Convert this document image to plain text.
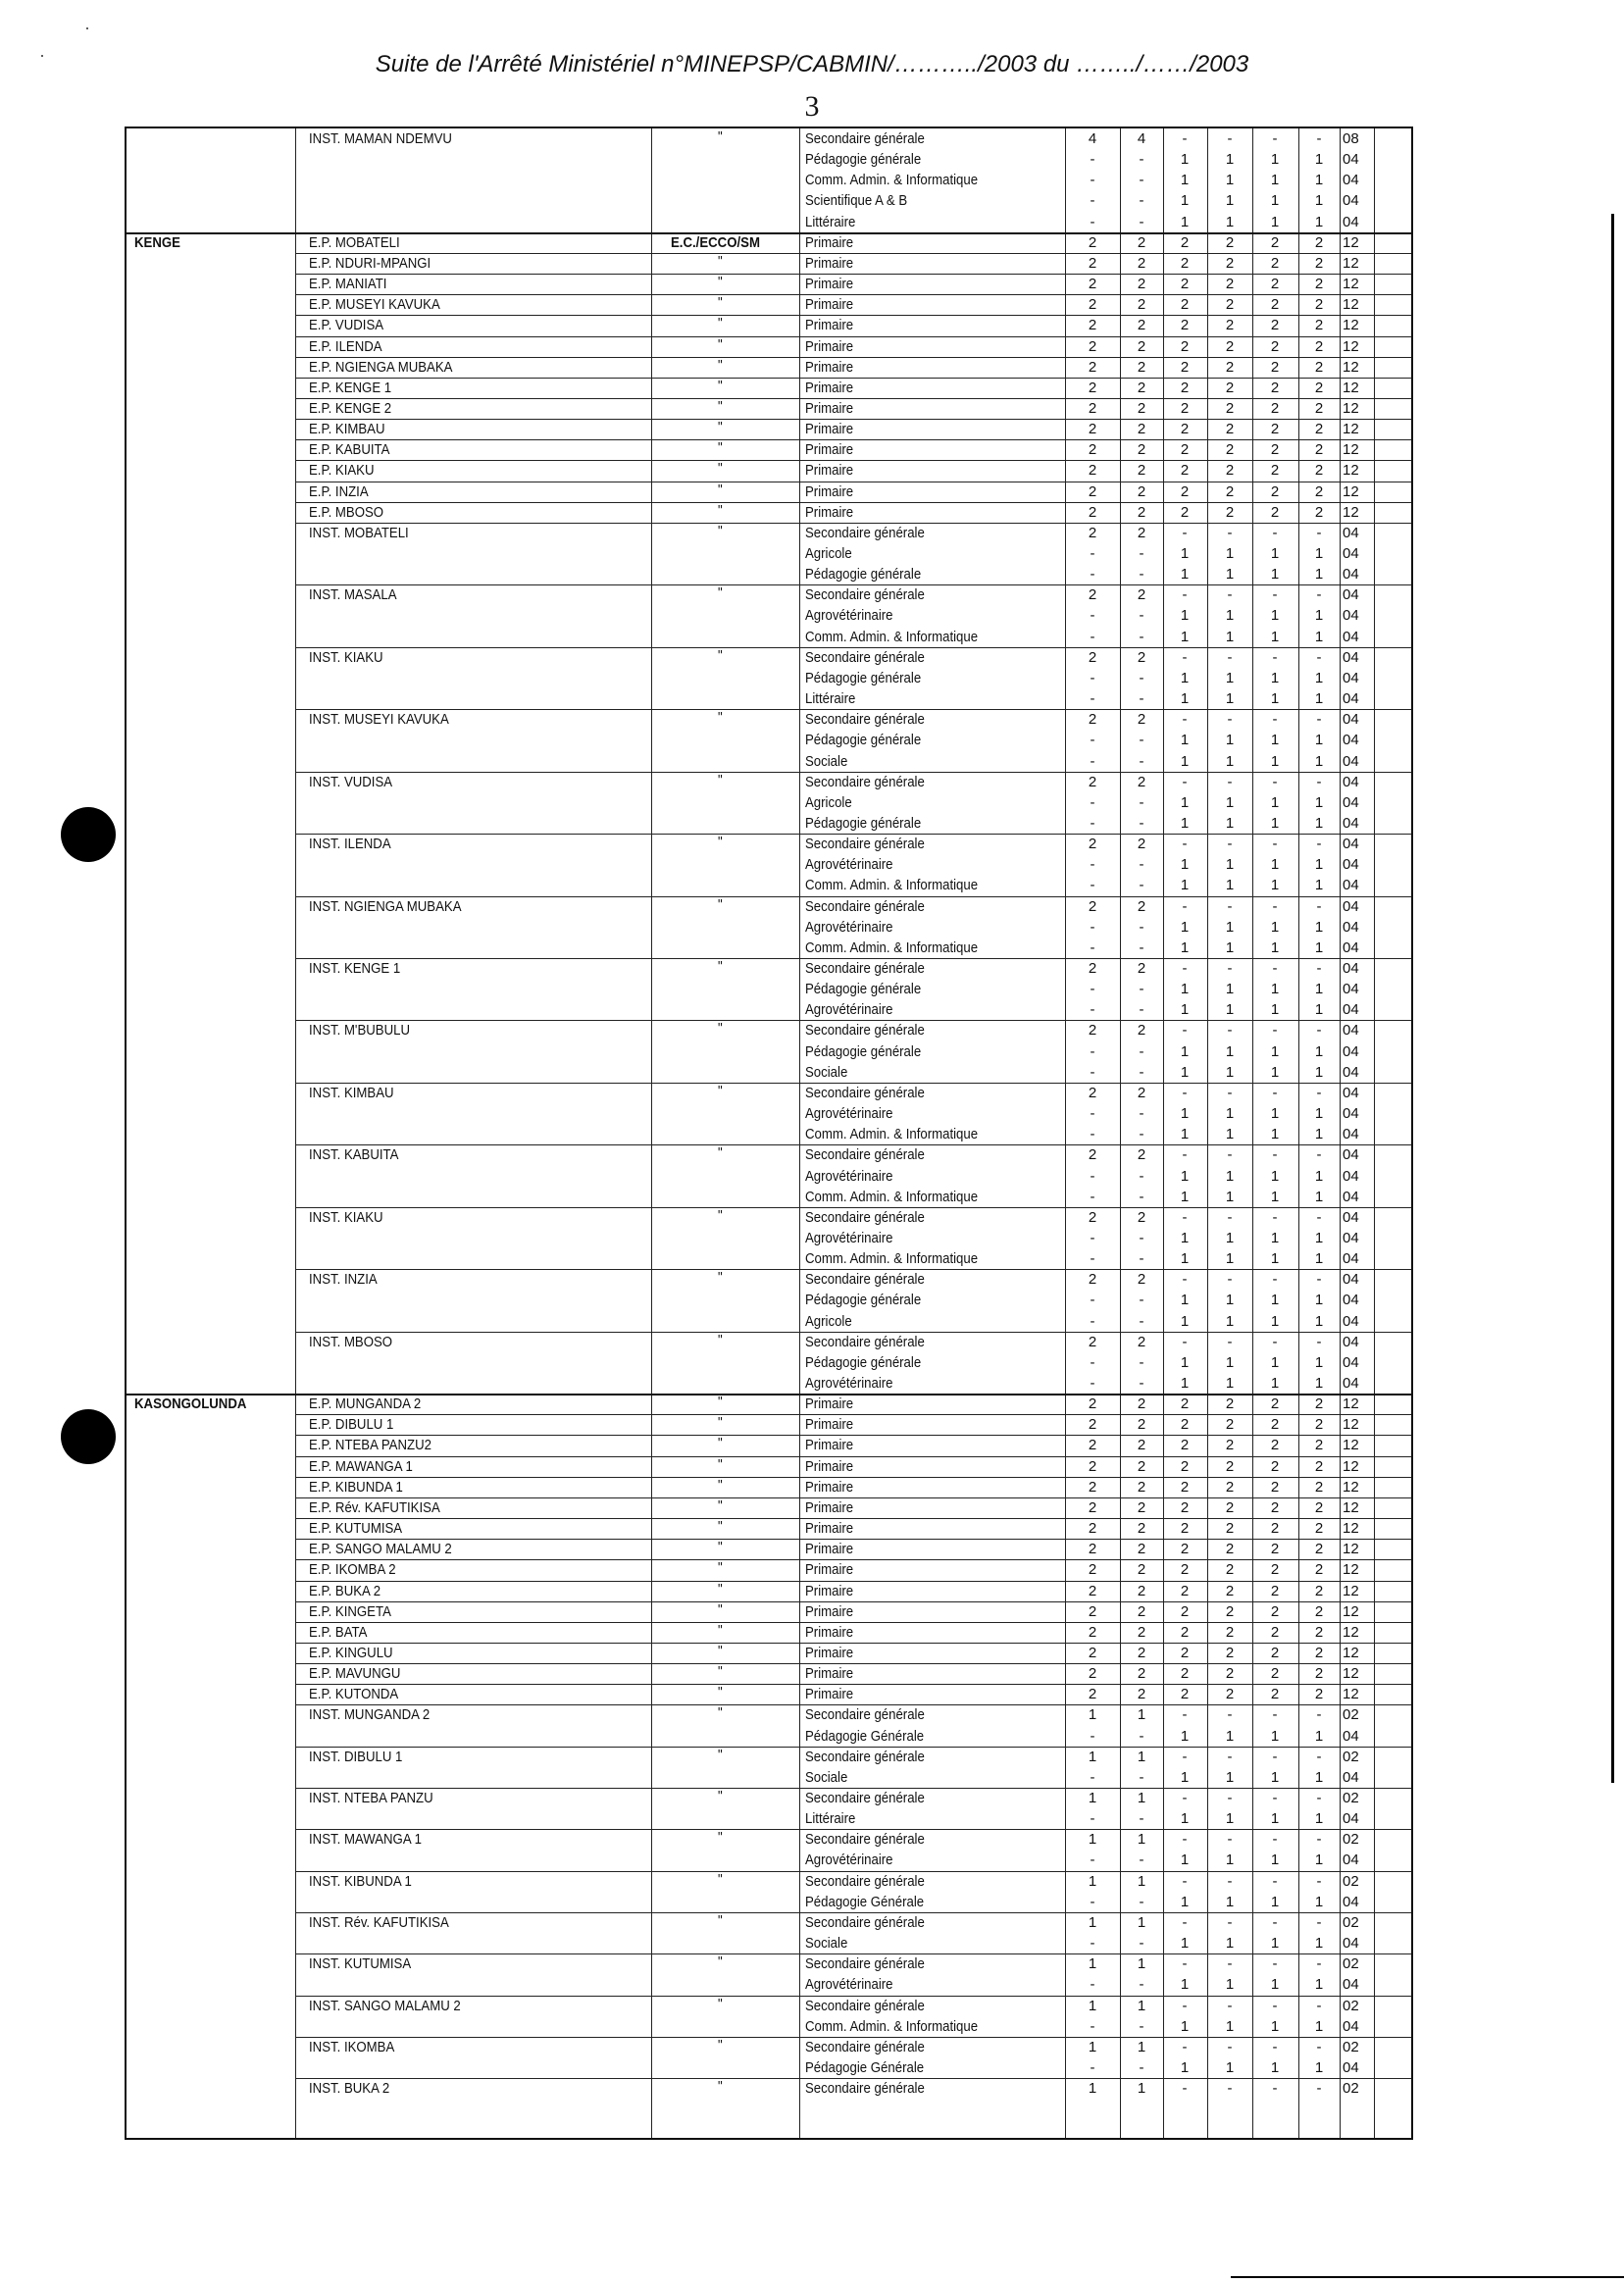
Suite de l'Arrêté Ministériel n°MINEPSP/CABMIN/………../2003 du ……../……/2003
3
INST. MAMAN NDEMVU	"	Secondaire générale	4	4	-	-	-	-	08
Pédagogie générale	-	-	1	1	1	1	04
Comm. Admin. & Informatique	-	-	1	1	1	1	04
Scientifique A & B	-	-	1	1	1	1	04
Littéraire	-	-	1	1	1	1	04
KENGE	E.P. MOBATELI	E.C./ECCO/SM	Primaire	2	2	2	2	2	2	12
E.P. NDURI-MPANGI	"	Primaire	2	2	2	2	2	2	12
E.P. MANIATI	"	Primaire	2	2	2	2	2	2	12
E.P. MUSEYI KAVUKA	"	Primaire	2	2	2	2	2	2	12
E.P. VUDISA	"	Primaire	2	2	2	2	2	2	12
E.P. ILENDA	"	Primaire	2	2	2	2	2	2	12
E.P. NGIENGA MUBAKA	"	Primaire	2	2	2	2	2	2	12
E.P. KENGE 1	"	Primaire	2	2	2	2	2	2	12
E.P. KENGE 2	"	Primaire	2	2	2	2	2	2	12
E.P. KIMBAU	"	Primaire	2	2	2	2	2	2	12
E.P. KABUITA	"	Primaire	2	2	2	2	2	2	12
E.P. KIAKU	"	Primaire	2	2	2	2	2	2	12
E.P. INZIA	"	Primaire	2	2	2	2	2	2	12
E.P. MBOSO	"	Primaire	2	2	2	2	2	2	12
INST. MOBATELI	"	Secondaire générale	2	2	-	-	-	-	04
Agricole	-	-	1	1	1	1	04
Pédagogie générale	-	-	1	1	1	1	04
INST. MASALA	"	Secondaire générale	2	2	-	-	-	-	04
Agrovétérinaire	-	-	1	1	1	1	04
Comm. Admin. & Informatique	-	-	1	1	1	1	04
INST. KIAKU	"	Secondaire générale	2	2	-	-	-	-	04
Pédagogie générale	-	-	1	1	1	1	04
Littéraire	-	-	1	1	1	1	04
INST. MUSEYI KAVUKA	"	Secondaire générale	2	2	-	-	-	-	04
Pédagogie générale	-	-	1	1	1	1	04
Sociale	-	-	1	1	1	1	04
INST. VUDISA	"	Secondaire générale	2	2	-	-	-	-	04
Agricole	-	-	1	1	1	1	04
Pédagogie générale	-	-	1	1	1	1	04
INST. ILENDA	"	Secondaire générale	2	2	-	-	-	-	04
Agrovétérinaire	-	-	1	1	1	1	04
Comm. Admin. & Informatique	-	-	1	1	1	1	04
INST. NGIENGA MUBAKA	"	Secondaire générale	2	2	-	-	-	-	04
Agrovétérinaire	-	-	1	1	1	1	04
Comm. Admin. & Informatique	-	-	1	1	1	1	04
INST. KENGE 1	"	Secondaire générale	2	2	-	-	-	-	04
Pédagogie générale	-	-	1	1	1	1	04
Agrovétérinaire	-	-	1	1	1	1	04
INST. M'BUBULU	"	Secondaire générale	2	2	-	-	-	-	04
Pédagogie générale	-	-	1	1	1	1	04
Sociale	-	-	1	1	1	1	04
INST. KIMBAU	"	Secondaire générale	2	2	-	-	-	-	04
Agrovétérinaire	-	-	1	1	1	1	04
Comm. Admin. & Informatique	-	-	1	1	1	1	04
INST. KABUITA	"	Secondaire générale	2	2	-	-	-	-	04
Agrovétérinaire	-	-	1	1	1	1	04
Comm. Admin. & Informatique	-	-	1	1	1	1	04
INST. KIAKU	"	Secondaire générale	2	2	-	-	-	-	04
Agrovétérinaire	-	-	1	1	1	1	04
Comm. Admin. & Informatique	-	-	1	1	1	1	04
INST. INZIA	"	Secondaire générale	2	2	-	-	-	-	04
Pédagogie générale	-	-	1	1	1	1	04
Agricole	-	-	1	1	1	1	04
INST. MBOSO	"	Secondaire générale	2	2	-	-	-	-	04
Pédagogie générale	-	-	1	1	1	1	04
Agrovétérinaire	-	-	1	1	1	1	04
KASONGOLUNDA	E.P. MUNGANDA 2	"	Primaire	2	2	2	2	2	2	12
E.P. DIBULU 1	"	Primaire	2	2	2	2	2	2	12
E.P. NTEBA PANZU2	"	Primaire	2	2	2	2	2	2	12
E.P. MAWANGA 1	"	Primaire	2	2	2	2	2	2	12
E.P. KIBUNDA 1	"	Primaire	2	2	2	2	2	2	12
E.P. Rév. KAFUTIKISA	"	Primaire	2	2	2	2	2	2	12
E.P. KUTUMISA	"	Primaire	2	2	2	2	2	2	12
E.P. SANGO MALAMU 2	"	Primaire	2	2	2	2	2	2	12
E.P. IKOMBA 2	"	Primaire	2	2	2	2	2	2	12
E.P. BUKA 2	"	Primaire	2	2	2	2	2	2	12
E.P. KINGETA	"	Primaire	2	2	2	2	2	2	12
E.P. BATA	"	Primaire	2	2	2	2	2	2	12
E.P. KINGULU	"	Primaire	2	2	2	2	2	2	12
E.P. MAVUNGU	"	Primaire	2	2	2	2	2	2	12
E.P. KUTONDA	"	Primaire	2	2	2	2	2	2	12
INST. MUNGANDA 2	"	Secondaire générale	1	1	-	-	-	-	02
Pédagogie Générale	-	-	1	1	1	1	04
INST. DIBULU 1	"	Secondaire générale	1	1	-	-	-	-	02
Sociale	-	-	1	1	1	1	04
INST. NTEBA PANZU	"	Secondaire générale	1	1	-	-	-	-	02
Littéraire	-	-	1	1	1	1	04
INST. MAWANGA 1	"	Secondaire générale	1	1	-	-	-	-	02
Agrovétérinaire	-	-	1	1	1	1	04
INST. KIBUNDA 1	"	Secondaire générale	1	1	-	-	-	-	02
Pédagogie Générale	-	-	1	1	1	1	04
INST. Rév. KAFUTIKISA	"	Secondaire générale	1	1	-	-	-	-	02
Sociale	-	-	1	1	1	1	04
INST. KUTUMISA	"	Secondaire générale	1	1	-	-	-	-	02
Agrovétérinaire	-	-	1	1	1	1	04
INST. SANGO MALAMU 2	"	Secondaire générale	1	1	-	-	-	-	02
Comm. Admin. & Informatique	-	-	1	1	1	1	04
INST. IKOMBA	"	Secondaire générale	1	1	-	-	-	-	02
Pédagogie Générale	-	-	1	1	1	1	04
INST. BUKA 2	"	Secondaire générale	1	1	-	-	-	-	02
·
·
